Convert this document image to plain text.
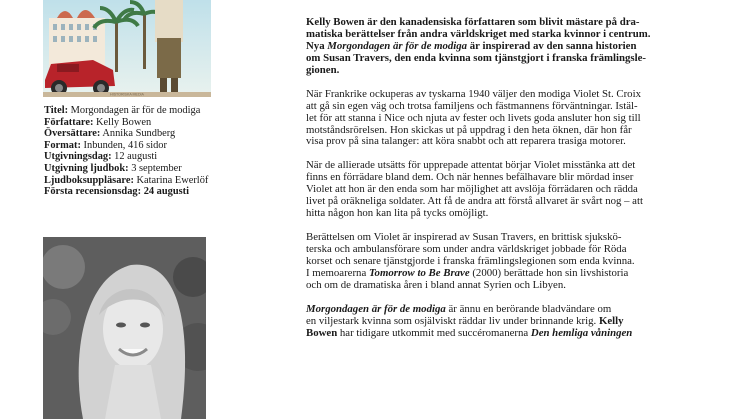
HISTORISKA MEDIA
Titel: Morgondagen är för de modiga
Författare: Kelly Bowen
Översättare: Annika Sundberg
Format: Inbunden, 416 sidor
Utgivningsdag: 12 augusti
Utgivning ljudbok: 3 september
Ljudboksuppläsare: Katarina Ewerlöf
Första recensionsdag: 24 augusti

Kelly Bowen är den kanadensiska författaren som blivit mästare på dra-
matiska berättelser från andra världskriget med starka kvinnor i centrum.
Nya Morgondagen är för de modiga är inspirerad av den sanna historien
om Susan Travers, den enda kvinna som tjänstgjort i franska främlingsle-
gionen.

När Frankrike ockuperas av tyskarna 1940 väljer den modiga Violet St. Croix
att gå sin egen väg och trotsa familjens och fästmannens förväntningar. Istäl-
let för att stanna i Nice och njuta av fester och livets goda ansluter hon sig till
motståndsrörelsen. Hon skickas ut på uppdrag i den heta öknen, där hon får
visa prov på sina talanger: att köra snabbt och att reparera trasiga motorer.

När de allierade utsätts för upprepade attentat börjar Violet misstänka att det
finns en förrädare bland dem. Och när hennes befälhavare blir mördad inser
Violet att hon är den enda som har möjlighet att avslöja förrädaren och rädda
livet på oräkneliga soldater. Att få de andra att förstå allvaret är svårt nog – att
hitta någon hon kan lita på tycks omöjligt.

Berättelsen om Violet är inspirerad av Susan Travers, en brittisk sjukskö-
terska och ambulansförare som under andra världskriget jobbade för Röda
korset och senare tjänstgjorde i franska främlingslegionen som enda kvinna.
I memoarerna Tomorrow to Be Brave (2000) berättade hon sin livshistoria
och om de dramatiska åren i bland annat Syrien och Libyen.

Morgondagen är för de modiga är ännu en berörande bladvändare om
en viljestark kvinna som osjälviskt räddar liv under brinnande krig. Kelly
Bowen har tidigare utkommit med succéromanerna Den hemliga våningen
